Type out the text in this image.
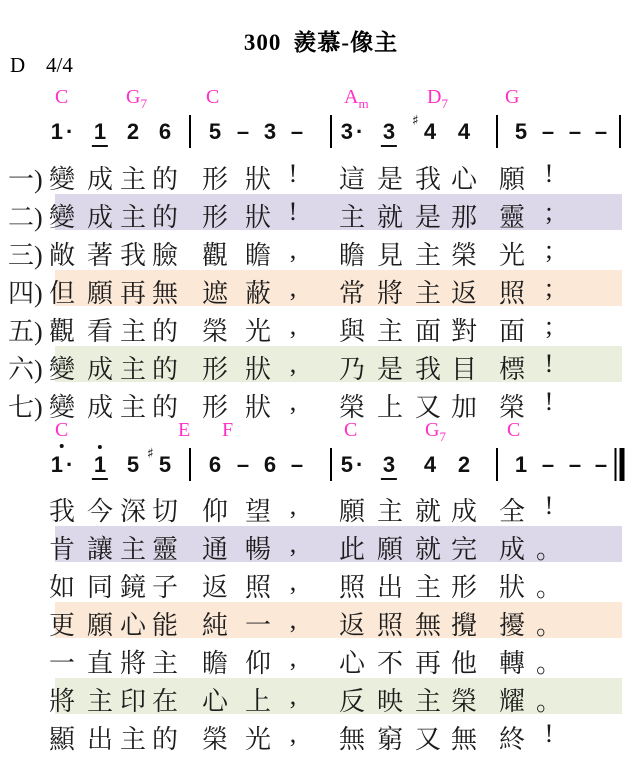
300 羨慕-像主
D 4/4
C	$G_7$	C	$A_m$	$D_7$	G
1 · 1 2 6 5 – 3 – 3 · 3 ♯ 4 4 5 – – –
一) 變 成 主 的 形 狀 ! 這 是 我 心 願 !
二) 變 成 主 的 形 狀 ! 主 就 是 那 靈 ;
三) 敞 著 我 臉 觀 瞻 , 瞻 見 主 榮 光 ;
四) 但 願 再 無 遮 蔽 , 常 將 主 返 照 ;
五) 觀 看 主 的 榮 光 , 與 主 面 對 面 ;
六) 變 成 主 的 形 狀 , 乃 是 我 目 標 !
七) 變 成 主 的 形 狀 , 榮 上 又 加 榮 !
C	E F	C	$G_7$	C
1 · 1 5 ♯ 5 6 – 6 – 5 · 3 4 2 1 – – –
我 今 深 切 仰 望 , 願 主 就 成 全 !
肯 讓 主 靈 通 暢 , 此 願 就 完 成 。
如 同 鏡 子 返 照 , 照 出 主 形 狀 。
更 願 心 能 純 一 , 返 照 無 攪 擾 。
一 直 將 主 瞻 仰 , 心 不 再 他 轉 。
將 主 印 在 心 上 , 反 映 主 榮 耀 。
顯 出 主 的 榮 光 , 無 窮 又 無 終 !
